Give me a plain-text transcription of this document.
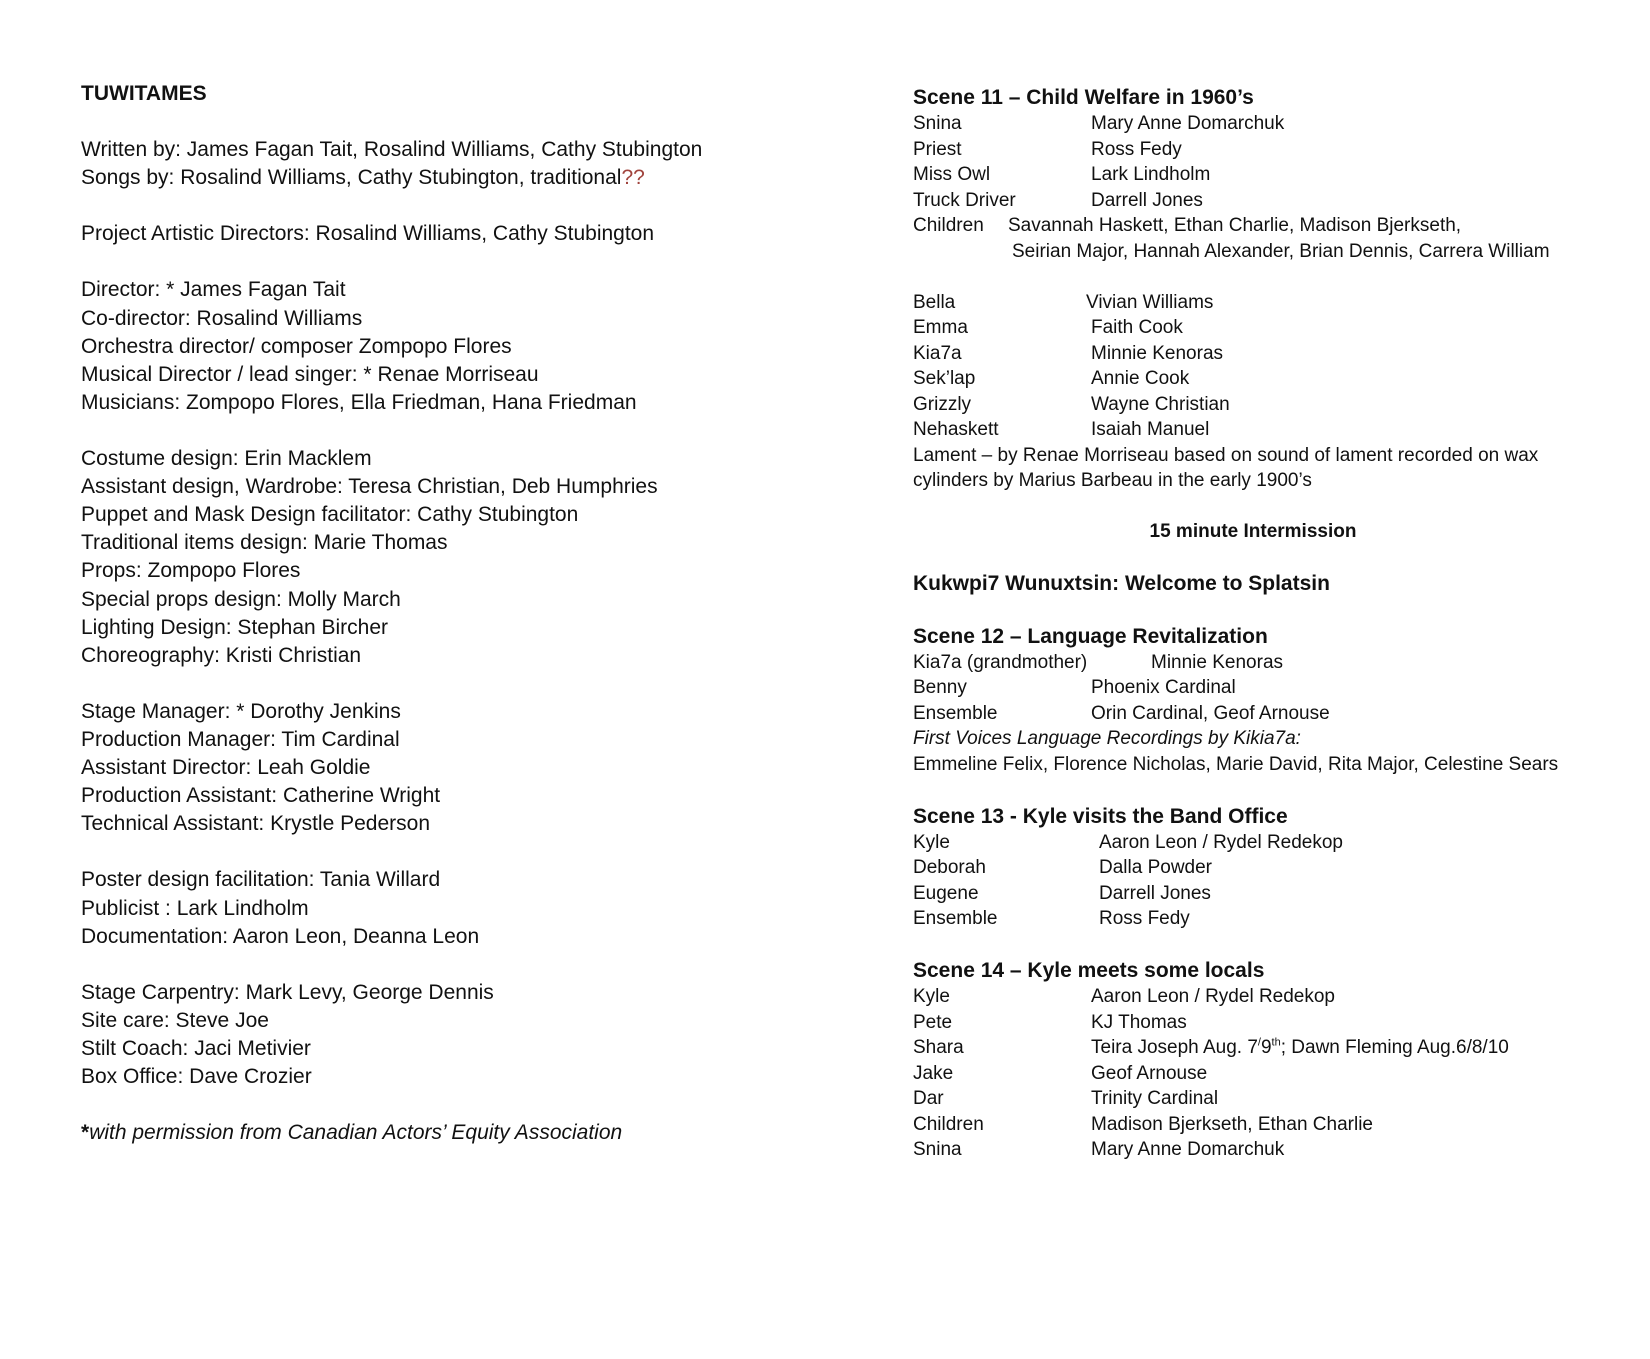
TUWITAMES
Written by: James Fagan Tait, Rosalind Williams, Cathy Stubington
Songs by: Rosalind Williams, Cathy Stubington, traditional??
Project Artistic Directors: Rosalind Williams, Cathy Stubington
Director: * James Fagan Tait
Co-director: Rosalind Williams
Orchestra director/ composer Zompopo Flores
Musical Director / lead singer: * Renae Morriseau
Musicians: Zompopo Flores, Ella Friedman, Hana Friedman
Costume design: Erin Macklem
Assistant design, Wardrobe: Teresa Christian, Deb Humphries
Puppet and Mask Design facilitator: Cathy Stubington
Traditional items design: Marie Thomas
Props: Zompopo Flores
Special props design: Molly March
Lighting Design: Stephan Bircher
Choreography: Kristi Christian
Stage Manager: * Dorothy Jenkins
Production Manager: Tim Cardinal
Assistant Director: Leah Goldie
Production Assistant: Catherine Wright
Technical Assistant: Krystle Pederson
Poster design facilitation: Tania Willard
Publicist : Lark Lindholm
Documentation: Aaron Leon, Deanna Leon
Stage Carpentry: Mark Levy, George Dennis
Site care: Steve Joe
Stilt Coach: Jaci Metivier
Box Office: Dave Crozier
*with permission from Canadian Actors’ Equity Association
Scene 11 – Child Welfare in 1960’s
Snina	Mary Anne Domarchuk
Priest	Ross Fedy
Miss Owl	Lark Lindholm
Truck Driver	Darrell Jones
Children Savannah Haskett, Ethan Charlie, Madison Bjerkseth,
Seirian Major, Hannah Alexander, Brian Dennis, Carrera William
Bella	Vivian Williams
Emma	Faith Cook
Kia7a	Minnie Kenoras
Sek’lap	Annie Cook
Grizzly	Wayne Christian
Nehaskett	Isaiah Manuel
Lament – by Renae Morriseau based on sound of lament recorded on wax
cylinders by Marius Barbeau in the early 1900’s
15 minute Intermission
Kukwpi7 Wunuxtsin: Welcome to Splatsin
Scene 12 – Language Revitalization
Kia7a (grandmother)	Minnie Kenoras
Benny	Phoenix Cardinal
Ensemble	Orin Cardinal, Geof Arnouse
First Voices Language Recordings by Kikia7a:
Emmeline Felix, Florence Nicholas, Marie David, Rita Major, Celestine Sears
Scene 13 - Kyle visits the Band Office
Kyle	Aaron Leon / Rydel Redekop
Deborah	Dalla Powder
Eugene	Darrell Jones
Ensemble	Ross Fedy
Scene 14 – Kyle meets some locals
Kyle	Aaron Leon / Rydel Redekop
Pete	KJ Thomas
Shara	Teira Joseph Aug. 7/9th; Dawn Fleming Aug.6/8/10
Jake	Geof Arnouse
Dar	Trinity Cardinal
Children	Madison Bjerkseth, Ethan Charlie
Snina	Mary Anne Domarchuk
